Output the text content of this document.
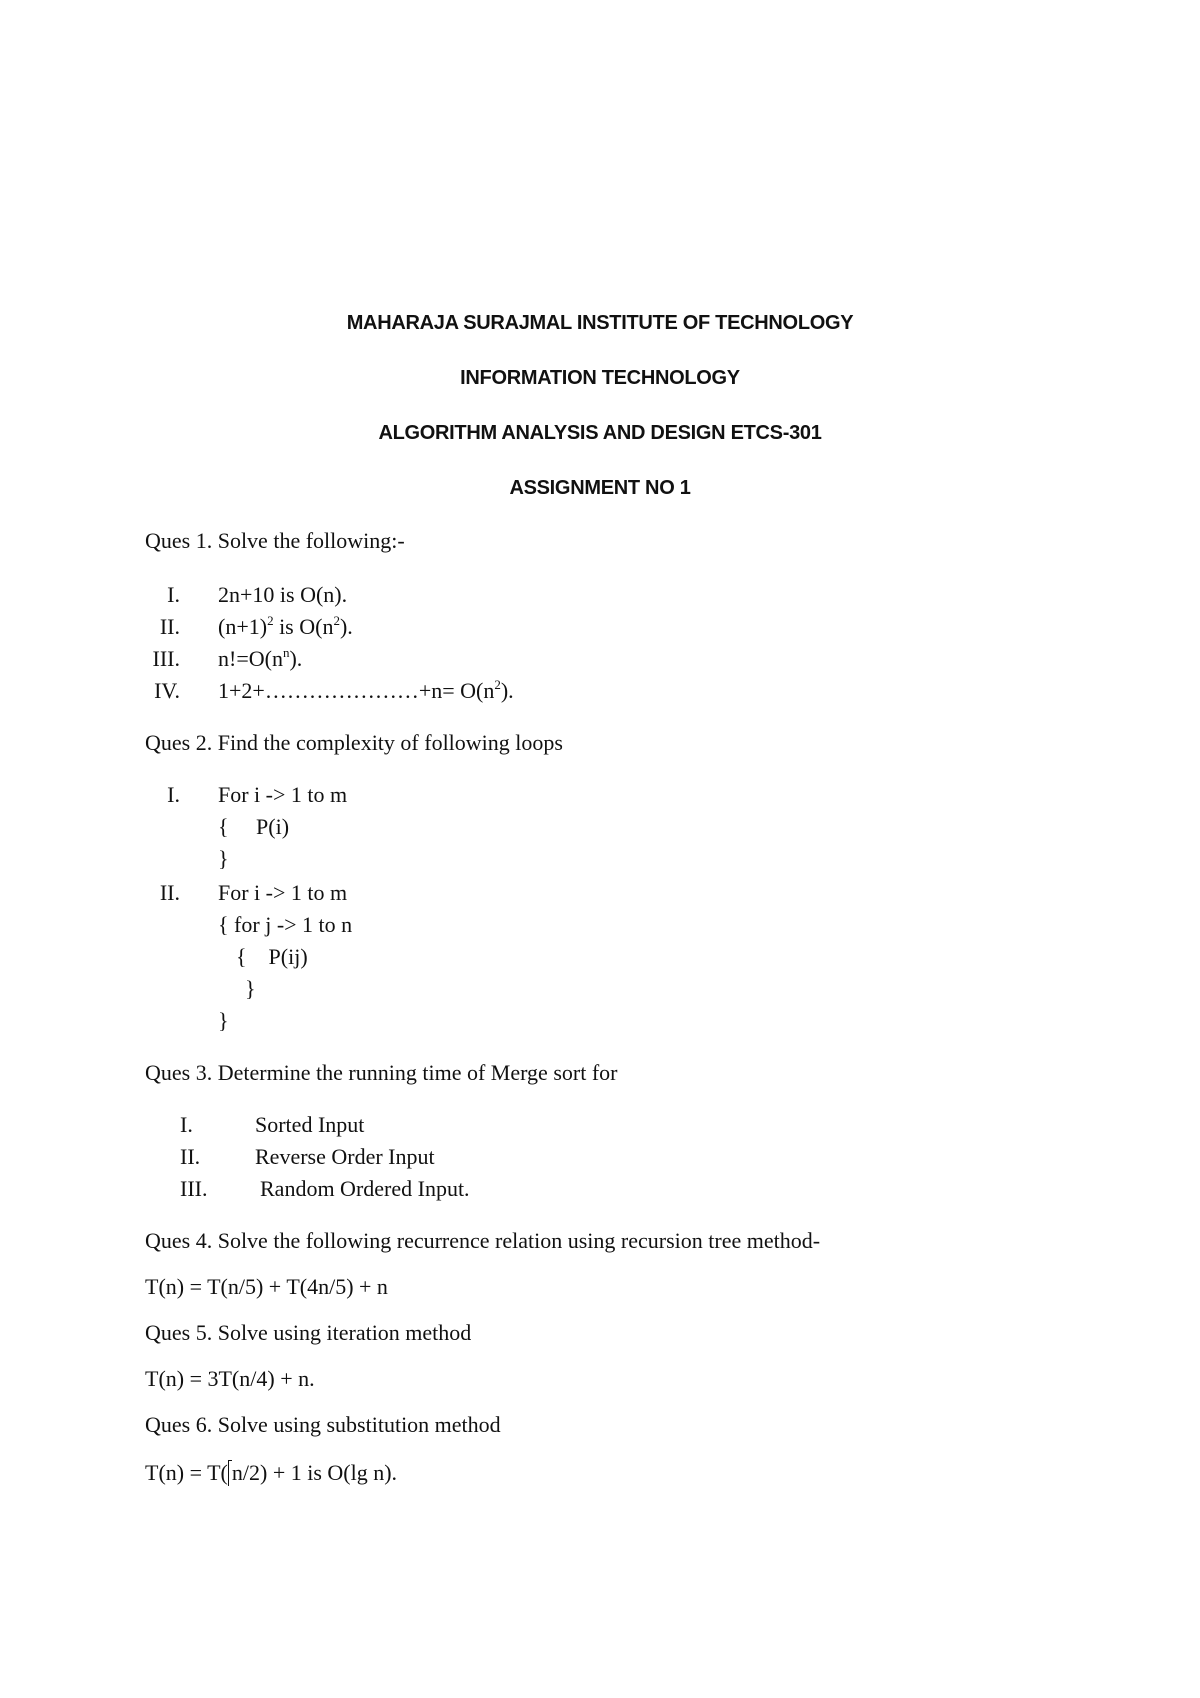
MAHARAJA SURAJMAL INSTITUTE OF TECHNOLOGY
INFORMATION TECHNOLOGY
ALGORITHM ANALYSIS AND DESIGN ETCS-301
ASSIGNMENT NO 1
Ques 1. Solve the following:-
I. 2n+10 is O(n).
II. $(n+1)^2$ is $O(n^2)$.
III. $n!=O(n^n)$.
IV. 1+2+…………………+n= $O(n^2)$.
Ques 2. Find the complexity of following loops
I. For i -> 1 to m
{     P(i)
}
II. For i -> 1 to m
{ for j -> 1 to n
{    P(ij)
}
}
Ques 3. Determine the running time of Merge sort for
I.	Sorted Input
II. Reverse Order Input
III. Random Ordered Input.
Ques 4. Solve the following recurrence relation using recursion tree method-
T(n) = T(n/5) + T(4n/5) + n
Ques 5. Solve using iteration method
T(n) = 3T(n/4) + n.
Ques 6. Solve using substitution method
T(n) = T( n/2) + 1 is O(lg n).
